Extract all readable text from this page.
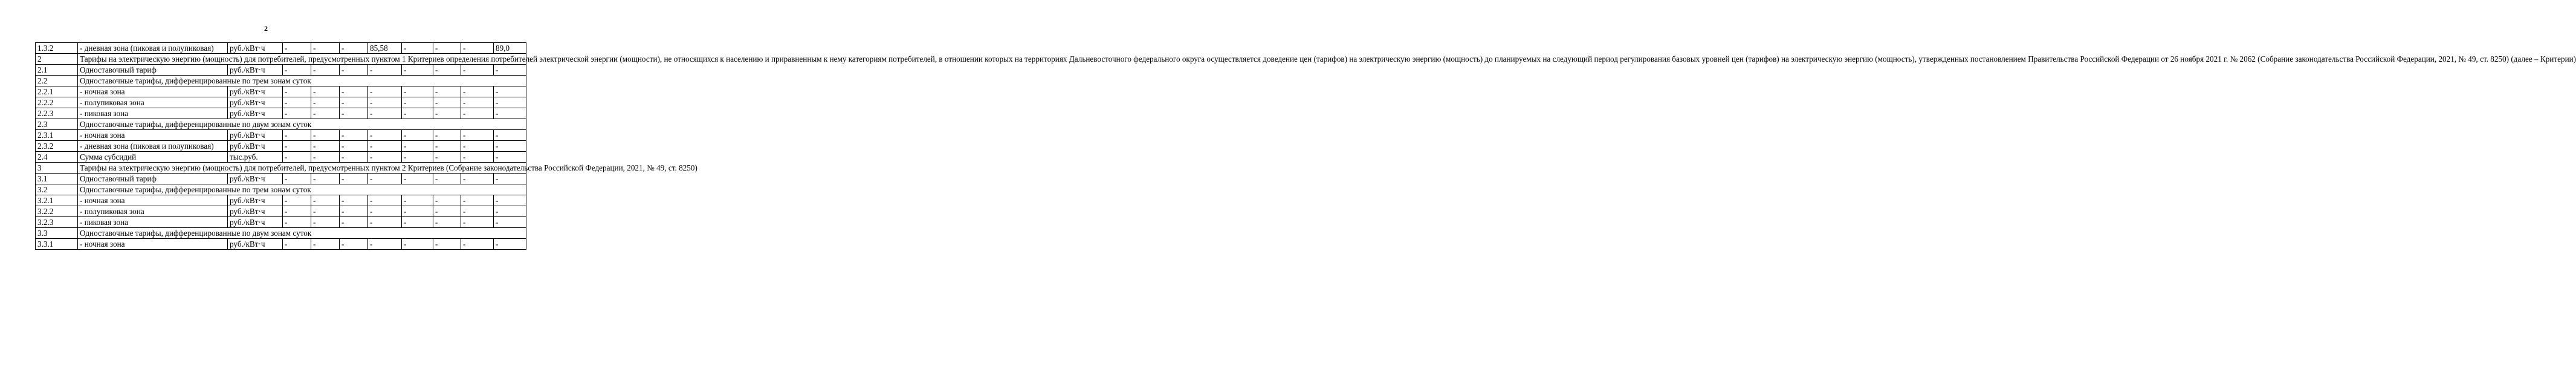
2
1.3.2	- дневная зона (пиковая и полупиковая)	руб./кВт·ч	-	-	-	85,58	-	-	-	89,0
2	Тарифы на электрическую энергию (мощность) для потребителей, предусмотренных пунктом 1 Критериев определения потребителей электрической энергии (мощности), не относящихся к населению и приравненным к нему категориям потребителей, в отношении которых на территориях Дальневосточного федерального округа осуществляется доведение цен (тарифов) на электрическую энергию (мощность) до планируемых на следующий период регулирования базовых уровней цен (тарифов) на электрическую энергию (мощность), утвержденных постановлением Правительства Российской Федерации от 26 ноября 2021 г. № 2062 (Собрание законодательства Российской Федерации, 2021, № 49, ст. 8250) (далее – Критерии)									
2.1	Одноставочный тариф	руб./кВт·ч	-	-	-	-	-	-	-	-
2.2	Одноставочные тарифы, дифференцированные по трем зонам суток									
2.2.1	- ночная зона	руб./кВт·ч	-	-	-	-	-	-	-	-
2.2.2	- полупиковая зона	руб./кВт·ч	-	-	-	-	-	-	-	-
2.2.3	- пиковая зона	руб./кВт·ч	-	-	-	-	-	-	-	-
2.3	Одноставочные тарифы, дифференцированные по двум зонам суток									
2.3.1	- ночная зона	руб./кВт·ч	-	-	-	-	-	-	-	-
2.3.2	- дневная зона (пиковая и полупиковая)	руб./кВт·ч	-	-	-	-	-	-	-	-
2.4	Сумма субсидий	тыс.руб.	-	-	-	-	-	-	-	-
3	Тарифы на электрическую энергию (мощность) для потребителей, предусмотренных пунктом 2 Критериев (Собрание законодательства Российской Федерации, 2021, № 49, ст. 8250)									
3.1	Одноставочный тариф	руб./кВт·ч	-	-	-	-	-	-	-	-
3.2	Одноставочные тарифы, дифференцированные по трем зонам суток									
3.2.1	- ночная зона	руб./кВт·ч	-	-	-	-	-	-	-	-
3.2.2	- полупиковая зона	руб./кВт·ч	-	-	-	-	-	-	-	-
3.2.3	- пиковая зона	руб./кВт·ч	-	-	-	-	-	-	-	-
3.3	Одноставочные тарифы, дифференцированные по двум зонам суток									
3.3.1	- ночная зона	руб./кВт·ч	-	-	-	-	-	-	-	-
